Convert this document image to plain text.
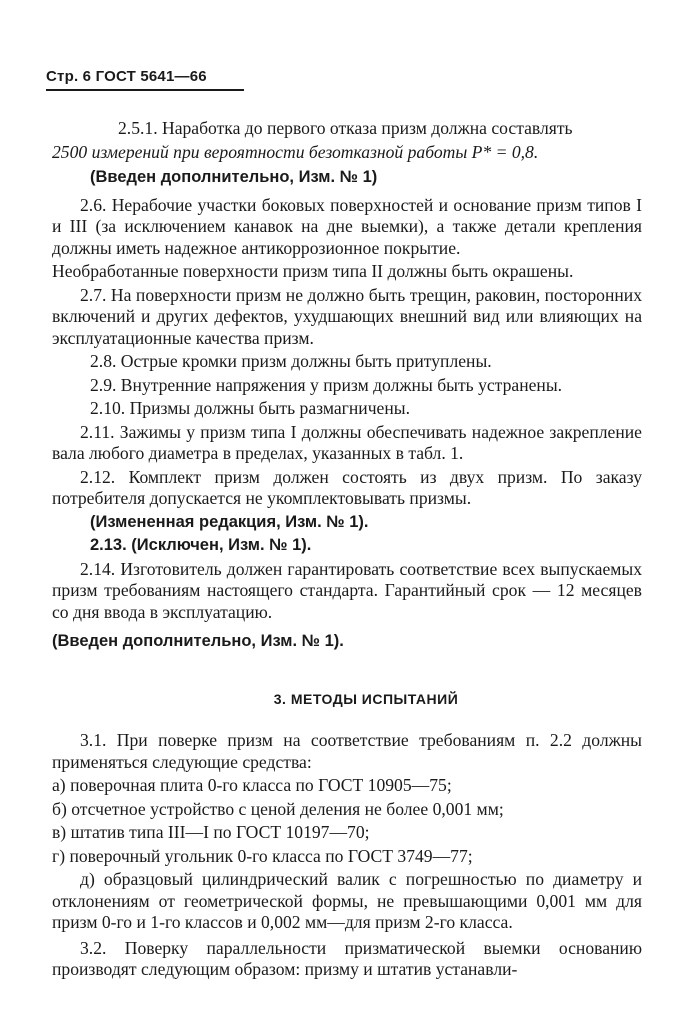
Стр. 6 ГОСТ 5641—66
2.5.1. Наработка до первого отказа призм должна составлять
2500 измерений при вероятности безотказной работы P* = 0,8.
(Введен дополнительно, Изм. № 1)
2.6. Нерабочие участки боковых поверхностей и основание призм типов I и III (за исключением канавок на дне выемки), а также детали крепления должны иметь надежное антикоррозионное покрытие.
Необработанные поверхности призм типа II должны быть окрашены.
2.7. На поверхности призм не должно быть трещин, раковин, посторонних включений и других дефектов, ухудшающих внешний вид или влияющих на эксплуатационные качества призм.
2.8. Острые кромки призм должны быть притуплены.
2.9. Внутренние напряжения у призм должны быть устранены.
2.10. Призмы должны быть размагничены.
2.11. Зажимы у призм типа I должны обеспечивать надежное закрепление вала любого диаметра в пределах, указанных в табл. 1.
2.12. Комплект призм должен состоять из двух призм. По заказу потребителя допускается не укомплектовывать призмы.
(Измененная редакция, Изм. № 1).
2.13. (Исключен, Изм. № 1).
2.14. Изготовитель должен гарантировать соответствие всех выпускаемых призм требованиям настоящего стандарта. Гарантийный срок — 12 месяцев со дня ввода в эксплуатацию.
(Введен дополнительно, Изм. № 1).
3. МЕТОДЫ ИСПЫТАНИЙ
3.1. При поверке призм на соответствие требованиям п. 2.2 должны применяться следующие средства:
а) поверочная плита 0-го класса по ГОСТ 10905—75;
б) отсчетное устройство с ценой деления не более 0,001 мм;
в) штатив типа III—I по ГОСТ 10197—70;
г) поверочный угольник 0-го класса по ГОСТ 3749—77;
д) образцовый цилиндрический валик с погрешностью по диаметру и отклонениям от геометрической формы, не превышающими 0,001 мм для призм 0-го и 1-го классов и 0,002 мм—для призм 2-го класса.
3.2. Поверку параллельности призматической выемки основанию производят следующим образом: призму и штатив устанавли-
